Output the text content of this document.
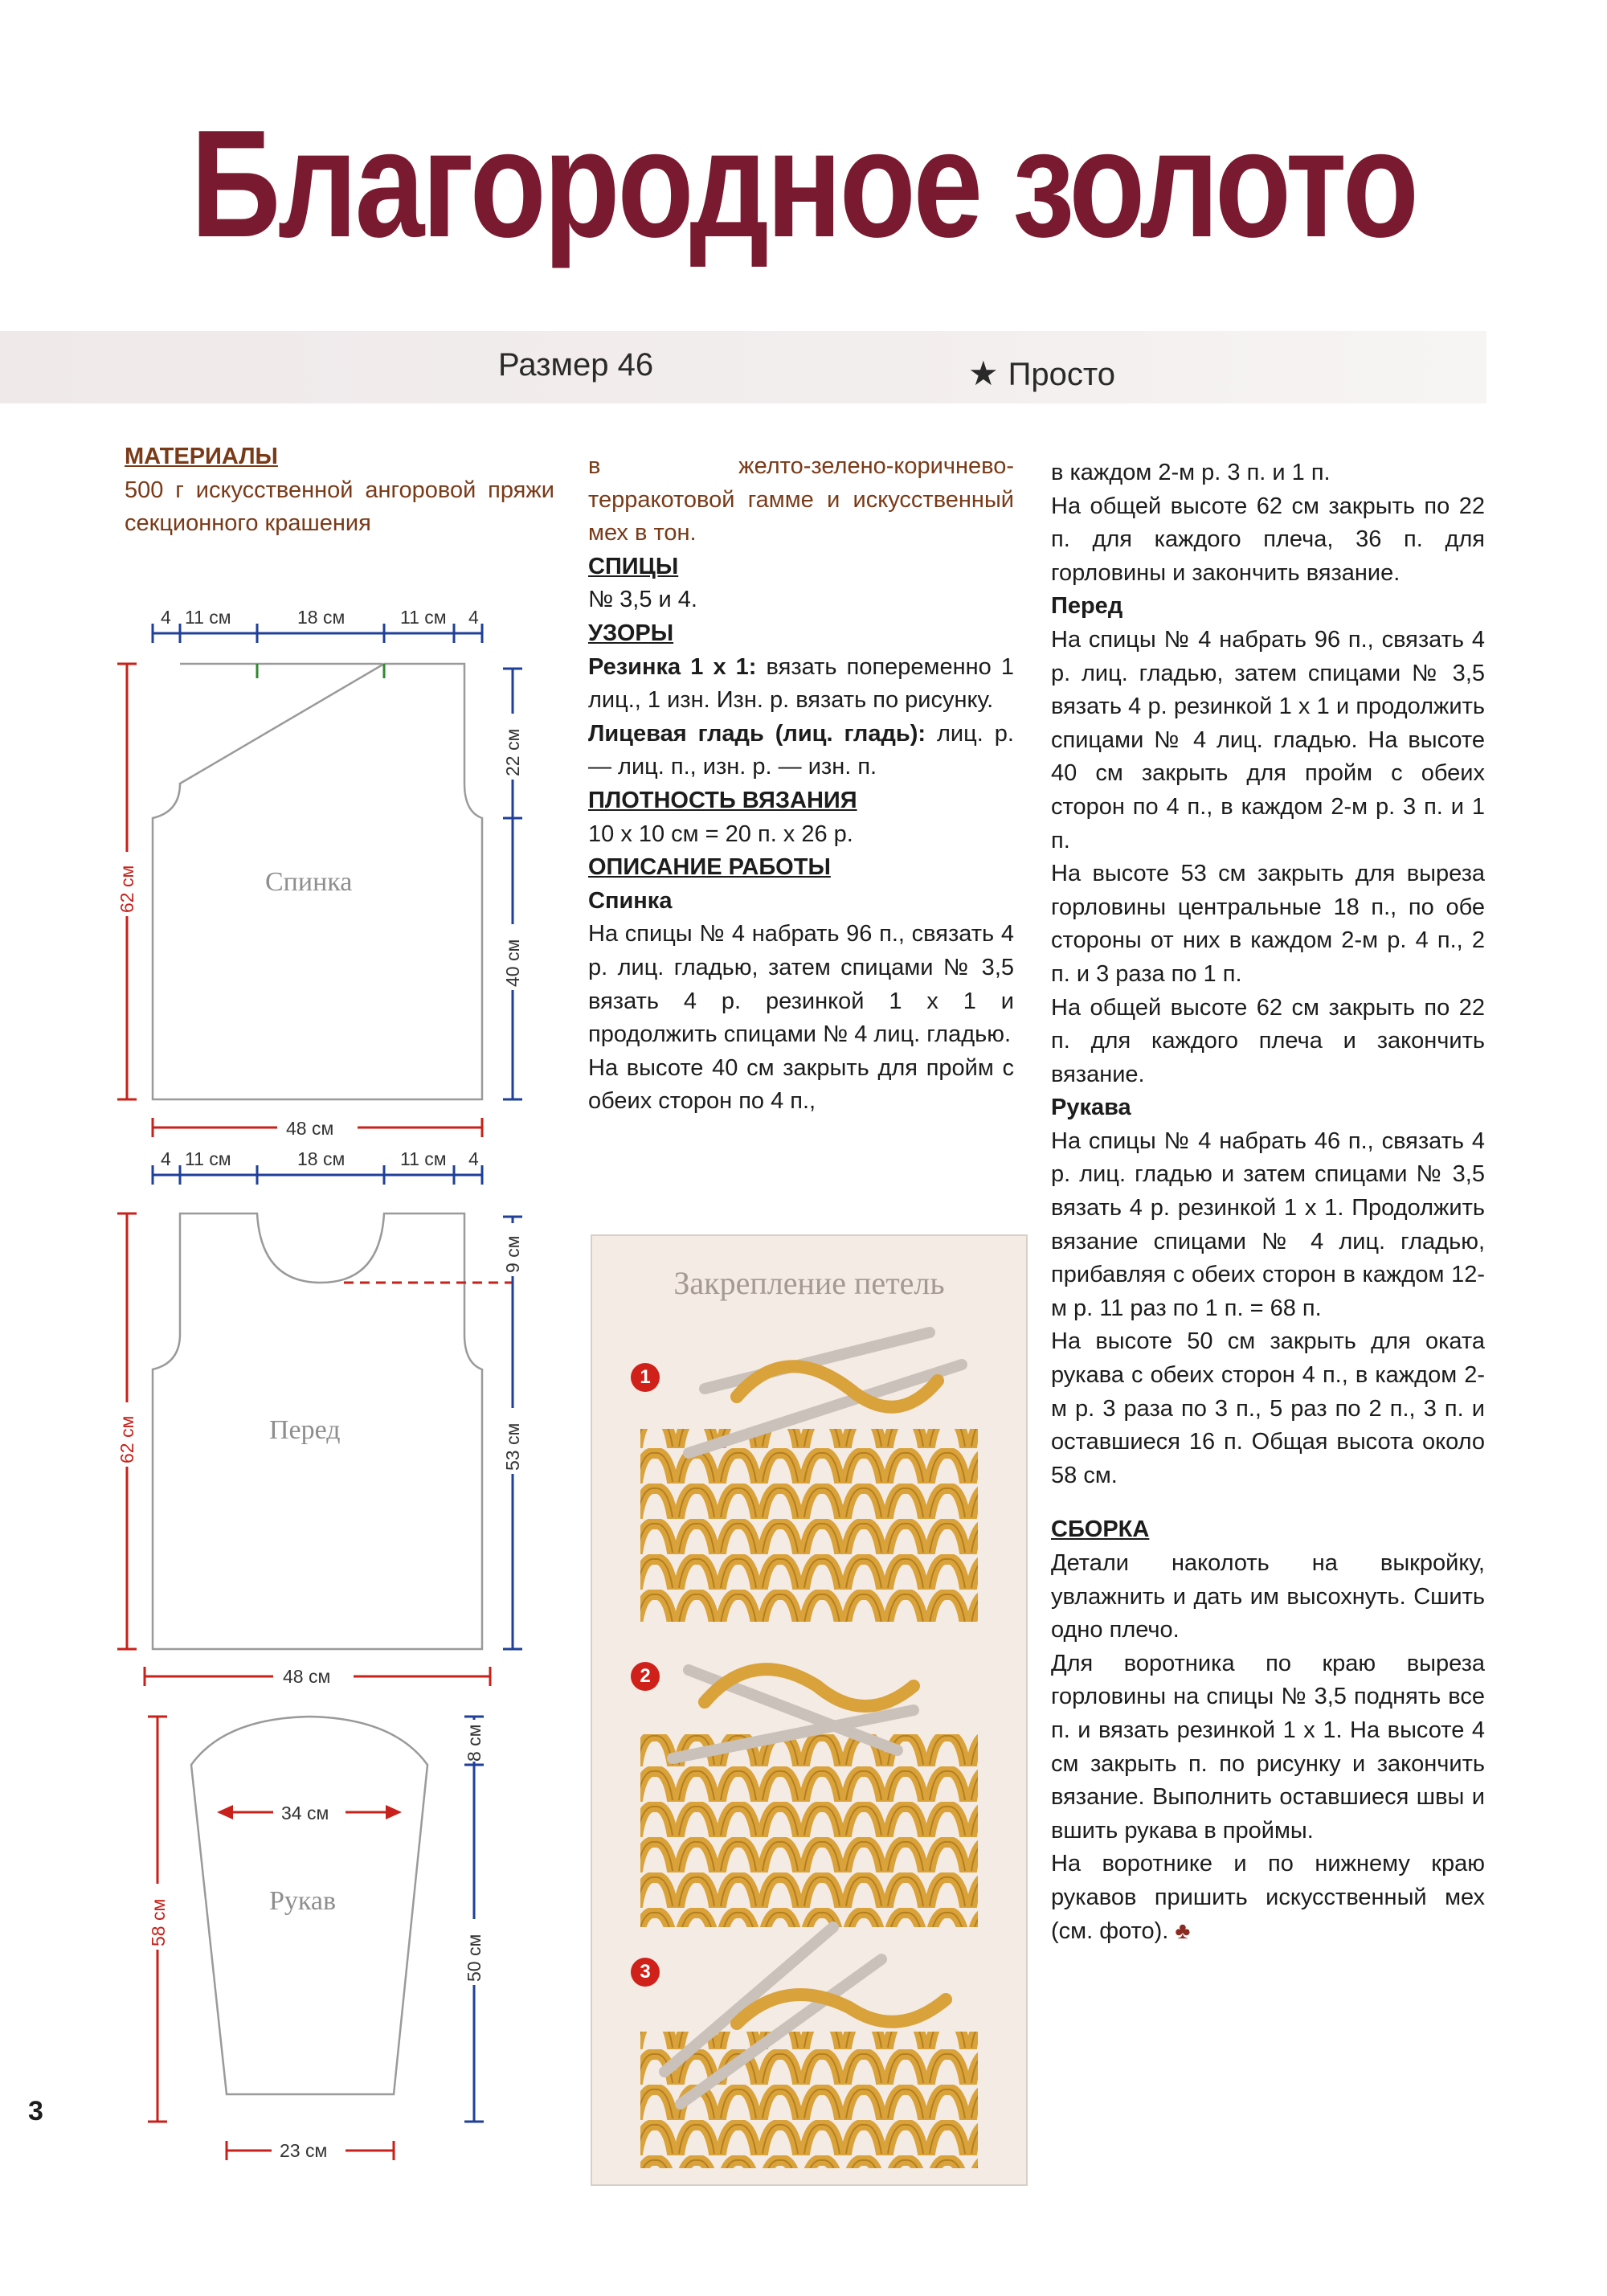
Благородное золото
Размер 46	★ Просто

МАТЕРИАЛЫ

500 г искусственной ангоровой пряжи секционного крашения

в желто-зелено-коричнево-терракотовой гамме и искусственный мех в тон.

СПИЦЫ

№ 3,5 и 4.

УЗОРЫ

Резинка 1 х 1: вязать попеременно 1 лиц., 1 изн. Изн. р. вязать по рисунку.

Лицевая гладь (лиц. гладь): лиц. р. — лиц. п., изн. р. — изн. п.

ПЛОТНОСТЬ ВЯЗАНИЯ

10 х 10 см = 20 п. х 26 р.

ОПИСАНИЕ РАБОТЫ

Спинка

На спицы № 4 набрать 96 п., связать 4 р. лиц. гладью, затем спицами № 3,5 вязать 4 р. резинкой 1 х 1 и продолжить спицами № 4 лиц. гладью.

На высоте 40 см закрыть для пройм с обеих сторон по 4 п.,

в каждом 2-м р. 3 п. и 1 п.

На общей высоте 62 см закрыть по 22 п. для каждого плеча, 36 п. для горловины и закончить вязание.

Перед

На спицы № 4 набрать 96 п., связать 4 р. лиц. гладью, затем спицами № 3,5 вязать 4 р. резинкой 1 х 1 и продолжить спицами № 4 лиц. гладью. На высоте 40 см закрыть для пройм с обеих сторон по 4 п., в каждом 2-м р. 3 п. и 1 п.

На высоте 53 см закрыть для выреза горловины центральные 18 п., по обе стороны от них в каждом 2-м р. 4 п., 2 п. и 3 раза по 1 п.

На общей высоте 62 см закрыть по 22 п. для каждого плеча и закончить вязание.

Рукава

На спицы № 4 набрать 46 п., связать 4 р. лиц. гладью и затем спицами № 3,5 вязать 4 р. резинкой 1 х 1. Продолжить вязание спицами № 4 лиц. гладью, прибавляя с обеих сторон в каждом 12-м р. 11 раз по 1 п. = 68 п.

На высоте 50 см закрыть для оката рукава с обеих сторон 4 п., в каждом 2-м р. 3 раза по 3 п., 5 раз по 2 п., 3 п. и оставшиеся 16 п. Общая высота около 58 см.

СБОРКА

Детали наколоть на выкройку, увлажнить и дать им высохнуть. Сшить одно плечо.

Для воротника по краю выреза горловины на спицы № 3,5 поднять все п. и вязать резинкой 1 х 1. На высоте 4 см закрыть п. по рисунку и закончить вязание. Выполнить оставшиеся швы и вшить рукава в проймы.

На воротнике и по нижнему краю рукавов пришить искусственный мех (см. фото). ♣

4 11 см	18 см	11 см 4
Спинка
62 см
22 см
40 см
48 см
4 11 см	18 см	11 см 4
Перед
62 см
9 см
53 см
48 см
34 см
Рукав
58 см
8 см
50 см
23 см
Закрепление петель
1
2
3
3
